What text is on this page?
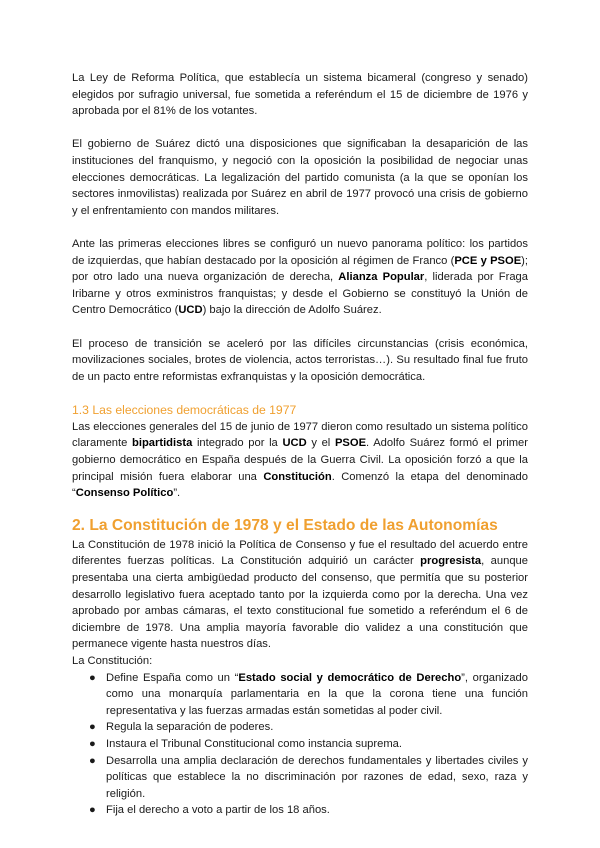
La Ley de Reforma Política, que establecía un sistema bicameral (congreso y senado) elegidos por sufragio universal, fue sometida a referéndum el 15 de diciembre de 1976 y aprobada por el 81% de los votantes.

El gobierno de Suárez dictó una disposiciones que significaban la desaparición de las instituciones del franquismo, y negoció con la oposición la posibilidad de negociar unas elecciones democráticas. La legalización del partido comunista (a la que se oponían los sectores inmovilistas) realizada por Suárez en abril de 1977 provocó una crisis de gobierno y el enfrentamiento con mandos militares.

Ante las primeras elecciones libres se configuró un nuevo panorama político: los partidos de izquierdas, que habían destacado por la oposición al régimen de Franco (PCE y PSOE); por otro lado una nueva organización de derecha, Alianza Popular, liderada por Fraga Iribarne y otros exministros franquistas; y desde el Gobierno se constituyó la Unión de Centro Democrático (UCD) bajo la dirección de Adolfo Suárez.

El proceso de transición se aceleró por las difíciles circunstancias (crisis económica, movilizaciones sociales, brotes de violencia, actos terroristas…). Su resultado final fue fruto de un pacto entre reformistas exfranquistas y la oposición democrática.

1.3 Las elecciones democráticas de 1977

Las elecciones generales del 15 de junio de 1977 dieron como resultado un sistema político claramente bipartidista integrado por la UCD y el PSOE. Adolfo Suárez formó el primer gobierno democrático en España después de la Guerra Civil. La oposición forzó a que la principal misión fuera elaborar una Constitución. Comenzó la etapa del denominado “Consenso Político”.

2. La Constitución de 1978 y el Estado de las Autonomías

La Constitución de 1978 inició la Política de Consenso y fue el resultado del acuerdo entre diferentes fuerzas políticas. La Constitución adquirió un carácter progresista, aunque presentaba una cierta ambigüedad producto del consenso, que permitía que su posterior desarrollo legislativo fuera aceptado tanto por la izquierda como por la derecha. Una vez aprobado por ambas cámaras, el texto constitucional fue sometido a referéndum el 6 de diciembre de 1978. Una amplia mayoría favorable dio validez a una constitución que permanece vigente hasta nuestros días.

La Constitución:

● Define España como un “Estado social y democrático de Derecho”, organizado como una monarquía parlamentaria en la que la corona tiene una función representativa y las fuerzas armadas están sometidas al poder civil.
● Regula la separación de poderes.
● Instaura el Tribunal Constitucional como instancia suprema.
● Desarrolla una amplia declaración de derechos fundamentales y libertades civiles y políticas que establece la no discriminación por razones de edad, sexo, raza y religión.
● Fija el derecho a voto a partir de los 18 años.
